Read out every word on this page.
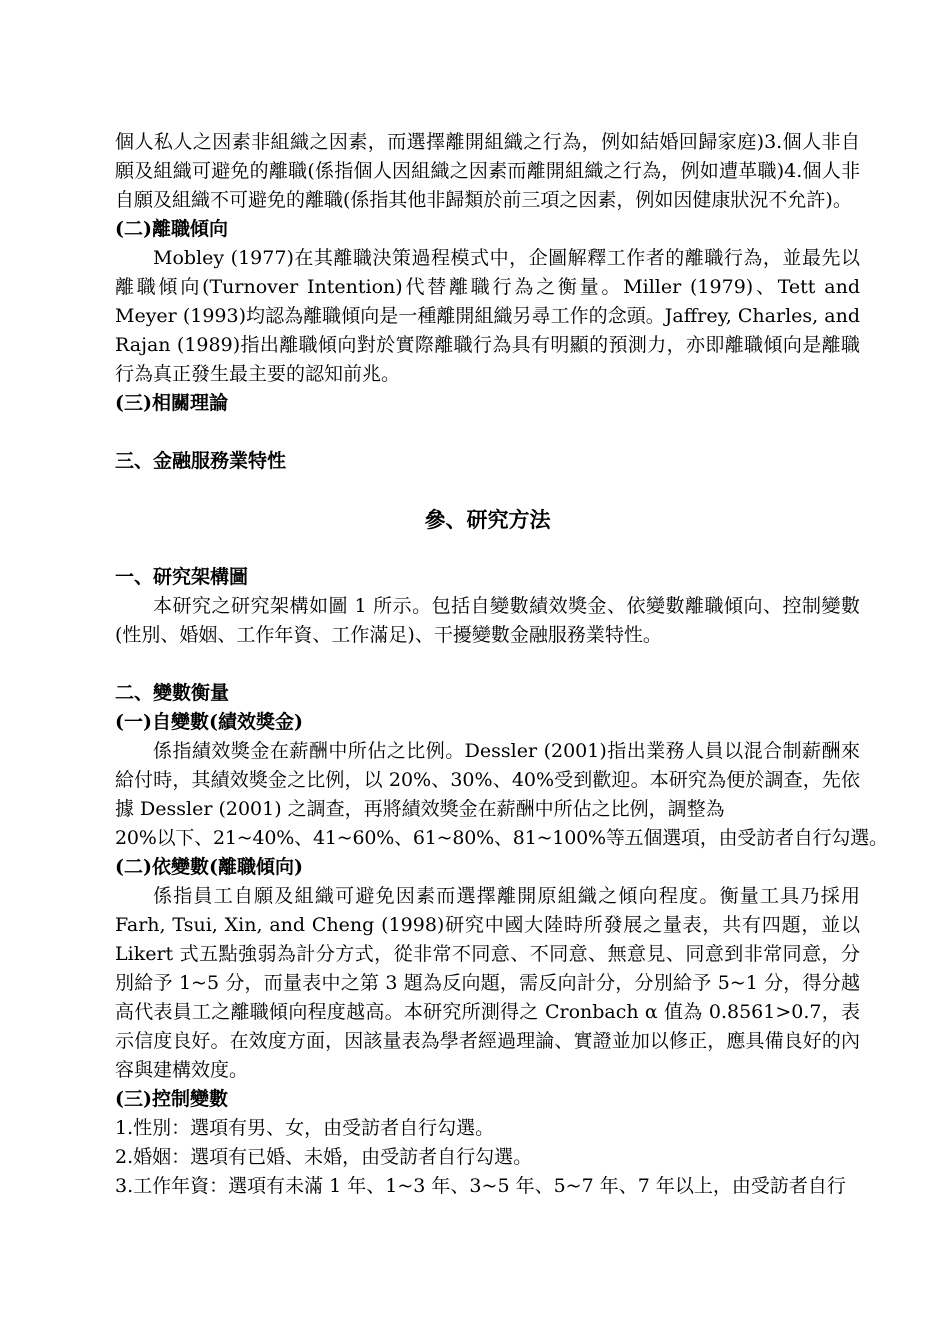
個人私人之因素非組織之因素，而選擇離開組織之行為，例如結婚回歸家庭)3.個人非自願及組織可避免的離職(係指個人因組織之因素而離開組織之行為，例如遭革職)4.個人非自願及組織不可避免的離職(係指其他非歸類於前三項之因素，例如因健康狀況不允許)。

(二)離職傾向

Mobley (1977)在其離職決策過程模式中，企圖解釋工作者的離職行為，並最先以離職傾向(Turnover Intention)代替離職行為之衡量。Miller (1979)、Tett and Meyer (1993)均認為離職傾向是一種離開組織另尋工作的念頭。Jaffrey, Charles, and Rajan (1989)指出離職傾向對於實際離職行為具有明顯的預測力，亦即離職傾向是離職行為真正發生最主要的認知前兆。

(三)相關理論

三、金融服務業特性

參、研究方法

一、研究架構圖

本研究之研究架構如圖 1 所示。包括自變數績效獎金、依變數離職傾向、控制變數(性別、婚姻、工作年資、工作滿足)、干擾變數金融服務業特性。

二、變數衡量

(一)自變數(績效獎金)

係指績效獎金在薪酬中所佔之比例。Dessler (2001)指出業務人員以混合制薪酬來給付時，其績效獎金之比例，以 20%、30%、40%受到歡迎。本研究為便於調查，先依據 Dessler (2001) 之調查，再將績效獎金在薪酬中所佔之比例，調整為

20%以下、21~40%、41~60%、61~80%、81~100%等五個選項，由受訪者自行勾選。

(二)依變數(離職傾向)

係指員工自願及組織可避免因素而選擇離開原組織之傾向程度。衡量工具乃採用 Farh, Tsui, Xin, and Cheng (1998)研究中國大陸時所發展之量表，共有四題，並以 Likert 式五點強弱為計分方式，從非常不同意、不同意、無意見、同意到非常同意，分別給予 1~5 分，而量表中之第 3 題為反向題，需反向計分，分別給予 5~1 分，得分越高代表員工之離職傾向程度越高。本研究所測得之 Cronbach α 值為 0.8561>0.7，表示信度良好。在效度方面，因該量表為學者經過理論、實證並加以修正，應具備良好的內容與建構效度。

(三)控制變數

1.性別：選項有男、女，由受訪者自行勾選。

2.婚姻：選項有已婚、未婚，由受訪者自行勾選。

3.工作年資：選項有未滿 1 年、1~3 年、3~5 年、5~7 年、7 年以上，由受訪者自行
